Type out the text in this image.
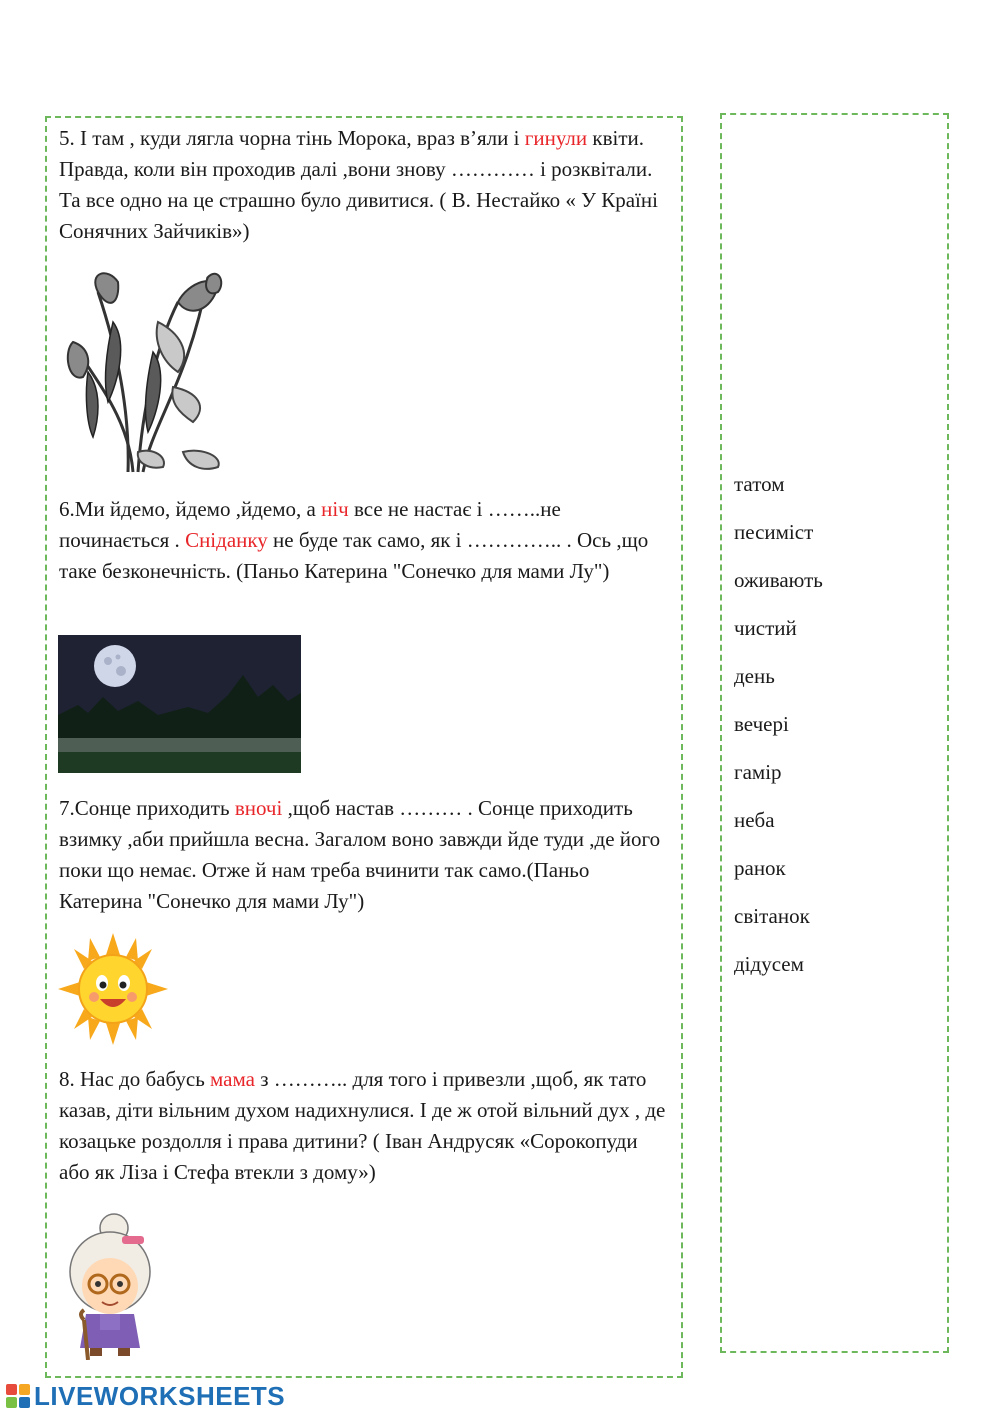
5. І там , куди лягла чорна тінь Морока, враз в’яли і гинули квіти. Правда, коли він проходив далі ,вони знову ………… і розквітали. Та все одно на це страшно було дивитися. ( В. Нестайко « У Країні Сонячних Зайчиків»)

6.Ми йдемо, йдемо ,йдемо, а ніч все не настає і ……..не починається . Сніданку не буде так само, як і ………….. . Ось ,що таке безконечність. (Паньо Катерина "Сонечко для мами Лу")

7.Сонце приходить вночі ,щоб настав ……… . Сонце приходить взимку ,аби прийшла весна. Загалом воно завжди йде туди ,де його поки що немає. Отже й нам треба вчинити так само.(Паньо Катерина "Сонечко для мами Лу")

8. Нас до бабусь мама з ……….. для того і привезли ,щоб, як тато казав, діти вільним духом надихнулися. І де ж отой вільний дух , де козацьке роздолля і права дитини? ( Іван Андрусяк «Сорокопуди або як Ліза і Стефа втекли з дому»)

татом
песиміст
оживають
чистий
день
вечері
гамір
неба
ранок
світанок
дідусем
LIVEWORKSHEETS
